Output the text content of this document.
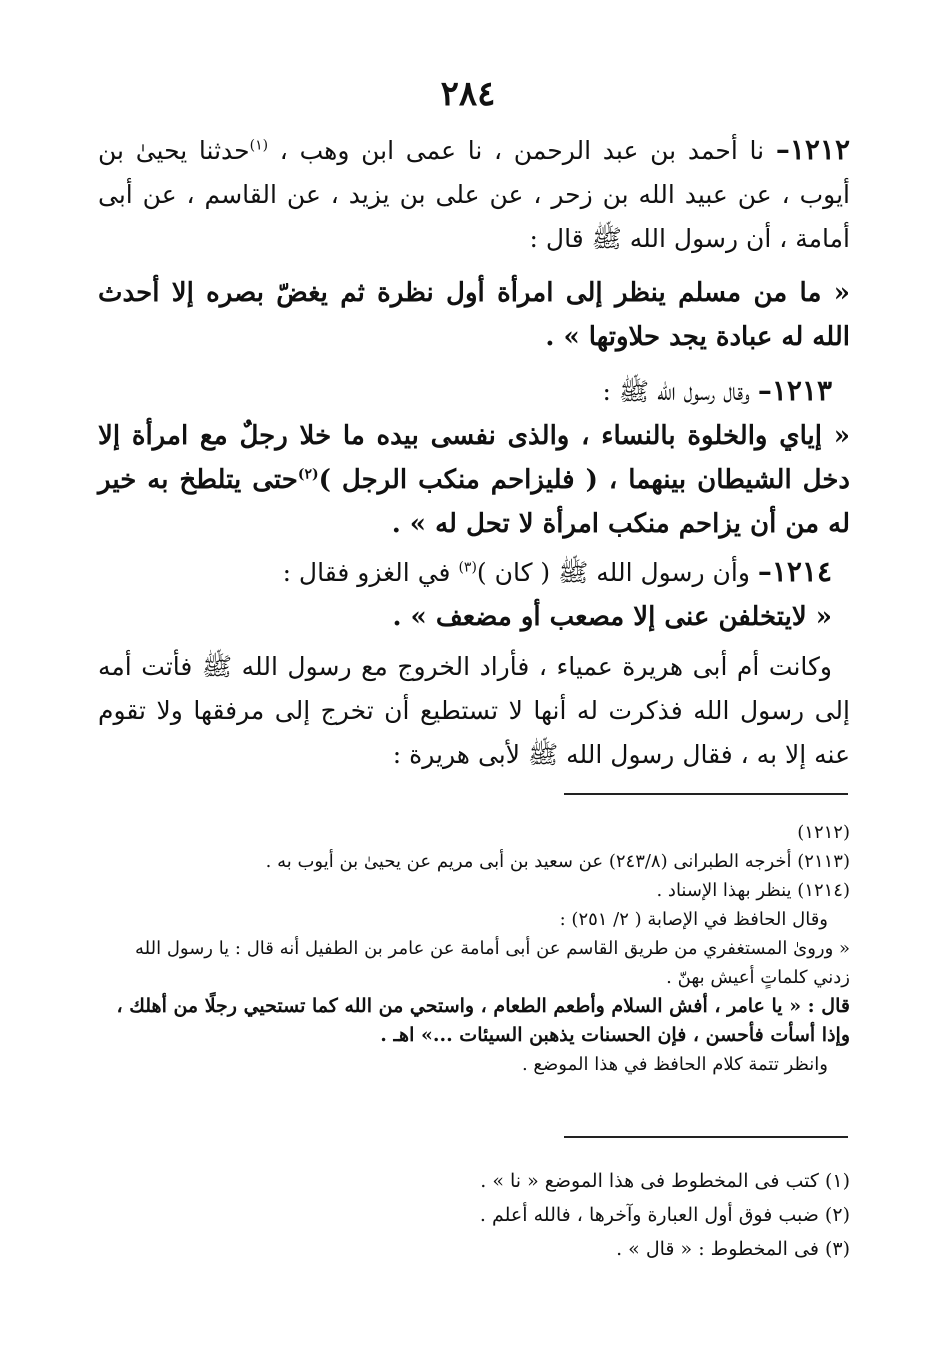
٢٨٤

١٢١٢– نا أحمد بن عبد الرحمن ، نا عمى ابن وهب ، $^{(١)}$حدثنا يحيىٰ بن أيوب ، عن عبيد الله بن زحر ، عن على بن يزيد ، عن القاسم ، عن أبى أمامة ، أن رسول الله ﷺ قال :

« ما من مسلم ينظر إلى امرأة أول نظرة ثم يغضّ بصره إلا أحدث الله له عبادة يجد حلاوتها » .

١٢١٣– وقال رسول الله ﷺ :

« إياي والخلوة بالنساء ، والذى نفسى بيده ما خلا رجلٌ مع امرأة إلا دخل الشيطان بينهما ، ( فليزاحم منكب الرجل )$^{(٢)}$حتى يتلطخ به خير له من أن يزاحم منكب امرأة لا تحل له » .

١٢١٤– وأن رسول الله ﷺ ( كان )$^{(٣)}$ في الغزو فقال :

« لايتخلفن عنى إلا مصعب أو مضعف » .

وكانت أم أبى هريرة عمياء ، فأراد الخروج مع رسول الله ﷺ فأتت أمه إلى رسول الله فذكرت له أنها لا تستطيع أن تخرج إلى مرفقها ولا تقوم عنه إلا به ، فقال رسول الله ﷺ لأبى هريرة :

(١٢١٢)
(٢١١٣) أخرجه الطبرانى (٢٤٣/٨) عن سعيد بن أبى مريم عن يحيىٰ بن أيوب به .
(١٢١٤) ينظر بهذا الإسناد .
وقال الحافظ في الإصابة ( ٢/ ٢٥١) :
« وروىٰ المستغفري من طريق القاسم عن أبى أمامة عن عامر بن الطفيل أنه قال : يا رسول الله زدني كلماتٍ أعيش بهنّ .
قال : « يا عامر ، أفش السلام وأطعم الطعام ، واستحي من الله كما تستحيي رجلًا من أهلك ، وإذا أسأت فأحسن ، فإن الحسنات يذهبن السيئات ...» اهـ .
وانظر تتمة كلام الحافظ في هذا الموضع .
(١) كتب فى المخطوط فى هذا الموضع « نا » .
(٢) ضبب فوق أول العبارة وآخرها ، فالله أعلم .
(٣) فى المخطوط : « قال » .
